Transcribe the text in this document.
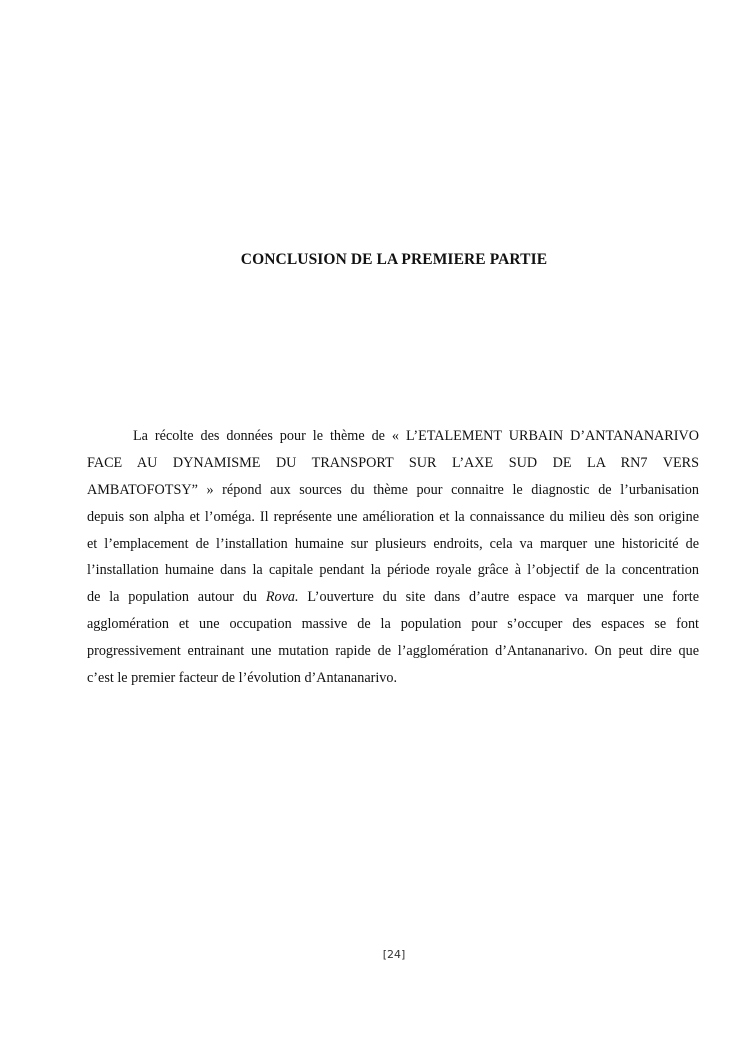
CONCLUSION DE LA PREMIERE PARTIE
La récolte des données pour le thème de « L’ETALEMENT URBAIN D’ANTANANARIVO
FACE AU DYNAMISME DU TRANSPORT SUR L’AXE SUD DE LA RN7 VERS
AMBATOFOTSY” » répond aux sources du thème pour connaitre le diagnostic de l’urbanisation
depuis son alpha et l’oméga. Il représente une amélioration et la connaissance du milieu dès son origine
et l’emplacement de l’installation humaine sur plusieurs endroits, cela va marquer une historicité de
l’installation humaine dans la capitale pendant la période royale grâce à l’objectif de la concentration
de la population autour du Rova. L’ouverture du site dans d’autre espace va marquer une forte
agglomération et une occupation massive de la population pour s’occuper des espaces se font
progressivement entrainant une mutation rapide de l’agglomération d’Antananarivo. On peut dire que
c’est le premier facteur de l’évolution d’Antananarivo.

[24]
